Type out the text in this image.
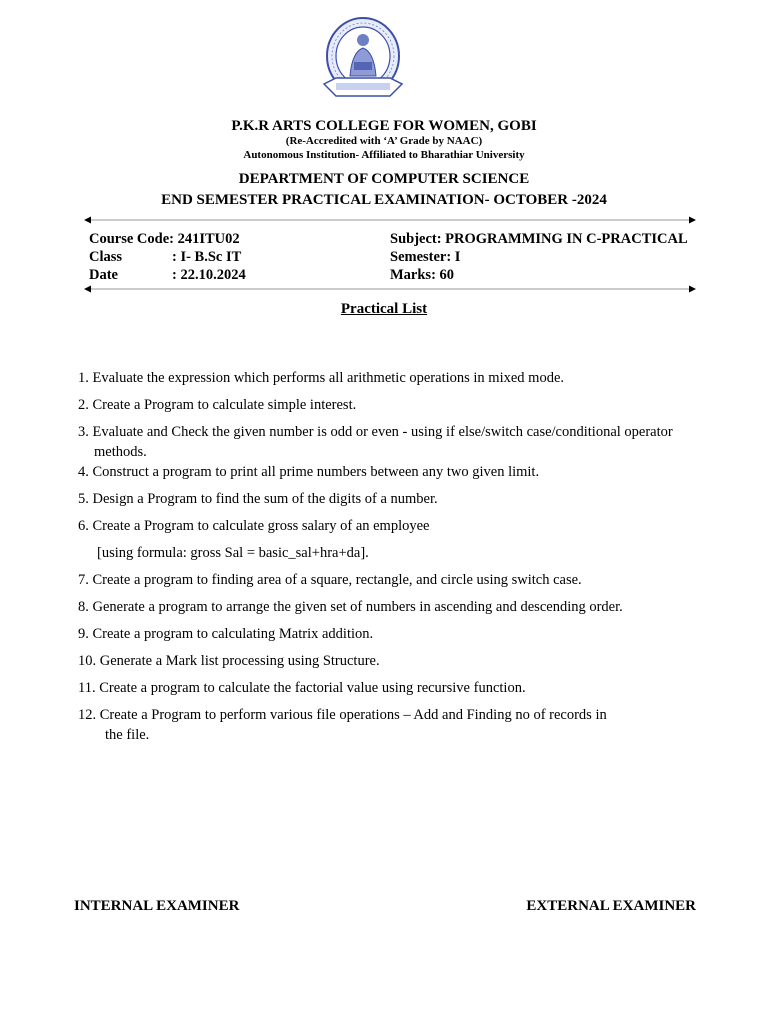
P.K.R ARTS COLLEGE FOR WOMEN, GOBI
(Re-Accredited with ‘A’ Grade by NAAC)
Autonomous Institution- Affiliated to Bharathiar University
DEPARTMENT OF COMPUTER SCIENCE
END SEMESTER PRACTICAL EXAMINATION- OCTOBER -2024
Course Code: 241ITU02
Class	: I- B.Sc IT
Date	: 22.10.2024
Subject: PROGRAMMING IN C-PRACTICAL
Semester: I
Marks: 60
Practical List
1. Evaluate the expression which performs all arithmetic operations in mixed mode.
2. Create a Program to calculate simple interest.
3. Evaluate and Check the given number is odd or even - using if else/switch case/conditional operator
methods.
4. Construct a program to print all prime numbers between any two given limit.
5. Design a Program to find the sum of the digits of a number.
6. Create a Program to calculate gross salary of an employee
[using formula: gross Sal = basic_sal+hra+da].
7. Create a program to finding area of a square, rectangle, and circle using switch case.
8. Generate a program to arrange the given set of numbers in ascending and descending order.
9. Create a program to calculating Matrix addition.
10. Generate a Mark list processing using Structure.
11. Create a program to calculate the factorial value using recursive function.
12. Create a Program to perform various file operations – Add and Finding no of records in
the file.
INTERNAL EXAMINER	EXTERNAL EXAMINER
